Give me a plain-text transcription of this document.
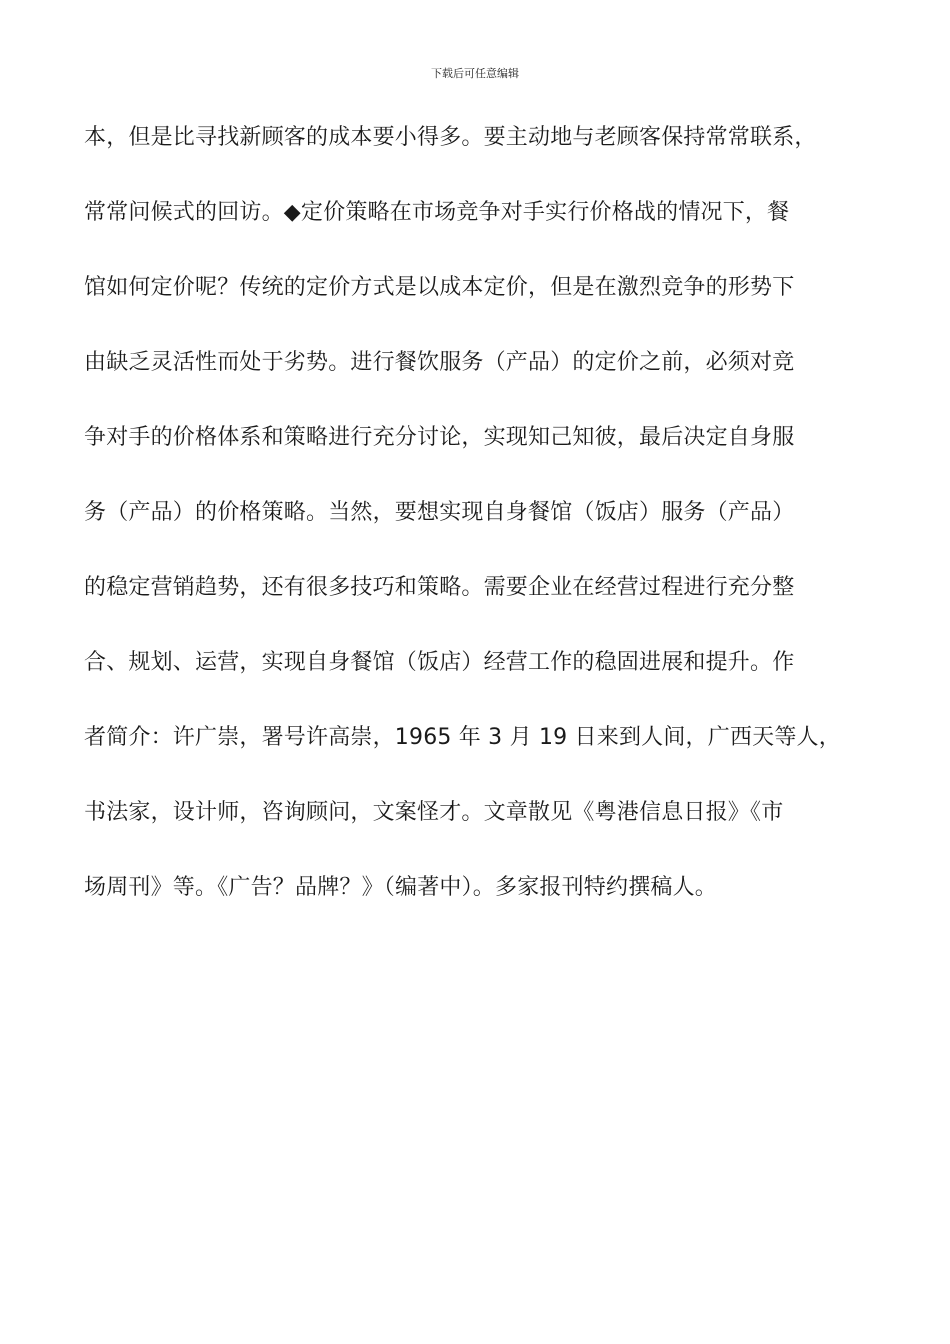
下载后可任意编辑
本，但是比寻找新顾客的成本要小得多。要主动地与老顾客保持常常联系，
常常问候式的回访。◆定价策略在市场竞争对手实行价格战的情况下，餐
馆如何定价呢？传统的定价方式是以成本定价，但是在激烈竞争的形势下
由缺乏灵活性而处于劣势。进行餐饮服务（产品）的定价之前，必须对竞
争对手的价格体系和策略进行充分讨论，实现知己知彼，最后决定自身服
务（产品）的价格策略。当然，要想实现自身餐馆（饭店）服务（产品）
的稳定营销趋势，还有很多技巧和策略。需要企业在经营过程进行充分整
合、规划、运营，实现自身餐馆（饭店）经营工作的稳固进展和提升。作
者简介：许广崇，署号许高崇，1965 年 3 月 19 日来到人间，广西天等人，
书法家，设计师，咨询顾问，文案怪才。文章散见《粤港信息日报》《市
场周刊》等。《广告？品牌？》（编著中）。多家报刊特约撰稿人。
